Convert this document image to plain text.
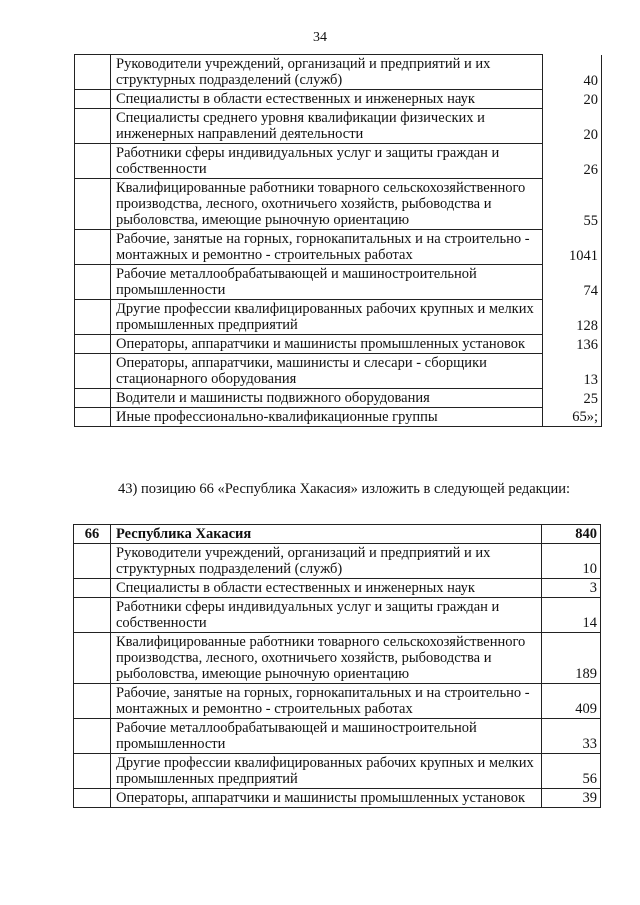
34
	Руководители учреждений, организаций и предприятий и их структурных подразделений (служб)	40
	Специалисты в области естественных и инженерных наук	20
	Специалисты среднего уровня квалификации физических и инженерных направлений деятельности	20
	Работники сферы индивидуальных услуг и защиты граждан и собственности	26
	Квалифицированные работники товарного сельскохозяйственного производства, лесного, охотничьего хозяйств, рыбоводства и рыболовства, имеющие рыночную ориентацию	55
	Рабочие, занятые на горных, горнокапитальных и на строительно - монтажных и ремонтно - строительных работах	1041
	Рабочие металлообрабатывающей и машиностроительной промышленности	74
	Другие профессии квалифицированных рабочих крупных и мелких промышленных предприятий	128
	Операторы, аппаратчики и машинисты промышленных установок	136
	Операторы, аппаратчики, машинисты и слесари - сборщики стационарного оборудования	13
	Водители и машинисты подвижного оборудования	25
	Иные профессионально-квалификационные группы	65»;
43) позицию 66 «Республика Хакасия» изложить в следующей редакции:
66	Республика Хакасия	840
	Руководители учреждений, организаций и предприятий и их структурных подразделений (служб)	10
	Специалисты в области естественных и инженерных наук	3
	Работники сферы индивидуальных услуг и защиты граждан и собственности	14
	Квалифицированные работники товарного сельскохозяйственного производства, лесного, охотничьего хозяйств, рыбоводства и рыболовства, имеющие рыночную ориентацию	189
	Рабочие, занятые на горных, горнокапитальных и на строительно - монтажных и ремонтно - строительных работах	409
	Рабочие металлообрабатывающей и машиностроительной промышленности	33
	Другие профессии квалифицированных рабочих крупных и мелких промышленных предприятий	56
	Операторы, аппаратчики и машинисты промышленных установок	39
